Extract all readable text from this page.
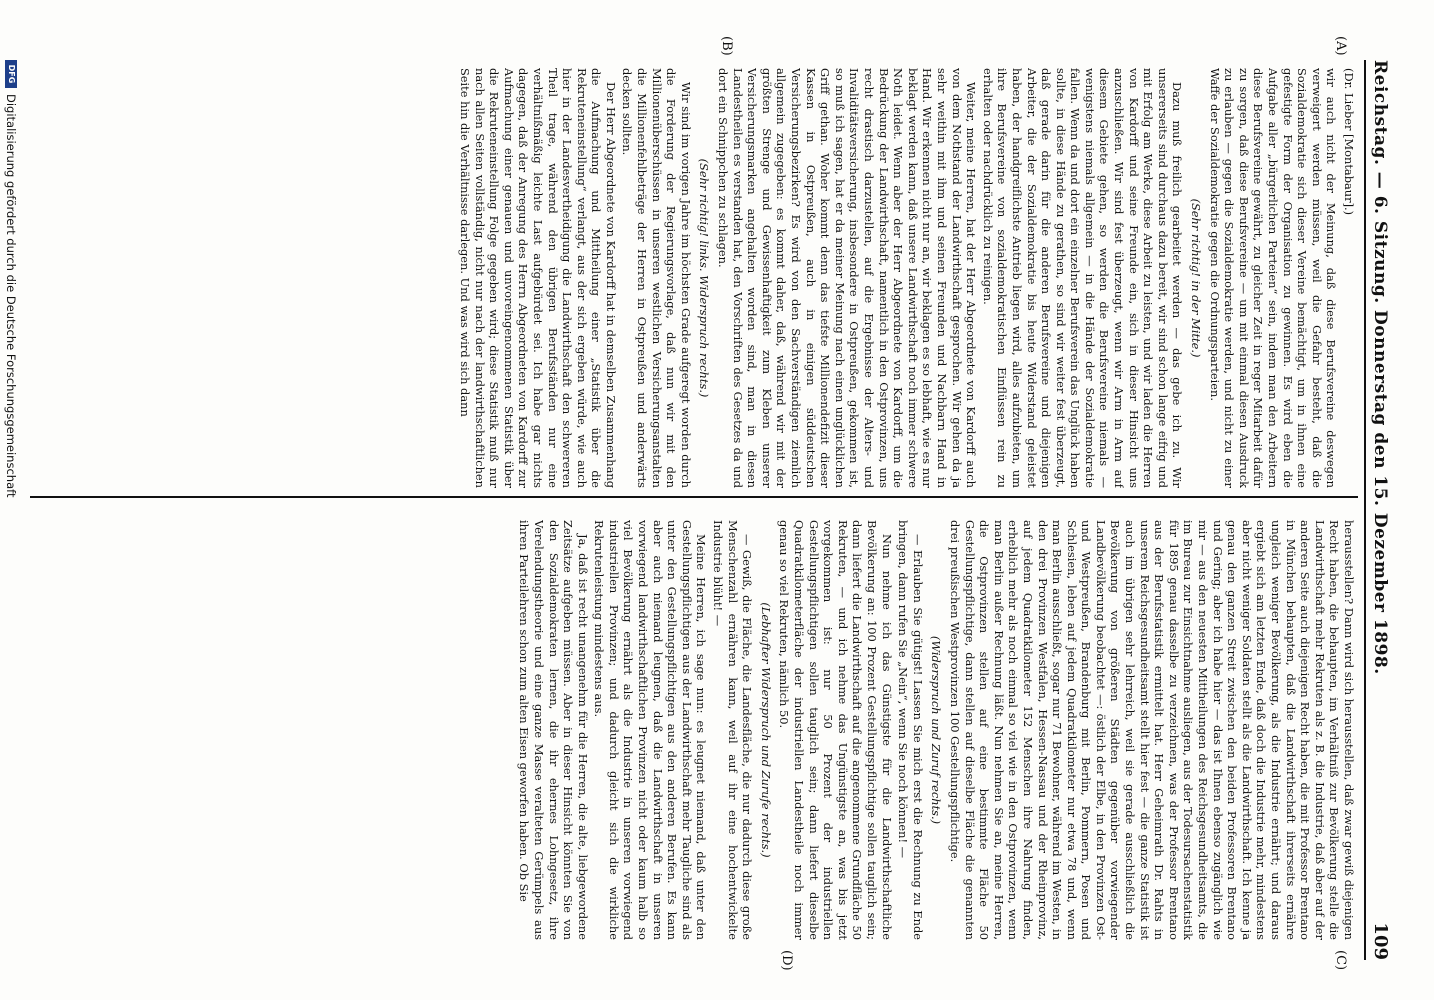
Reichstag. — 6. Sitzung. Donnerstag den 15. Dezember 1898.
109
(A)
(B)
(C)
(D)

(Dr. Lieber [Montabaur].)

wir auch nicht der Meinung, daß diese Berufsvereine deswegen verweigert werden müssen, weil die Gefahr besteht, daß die Sozialdemokratie sich dieser Vereine bemächtigt, um in ihnen eine gefestigte Form der Organisation zu gewinnen. Es wird eben die Aufgabe aller „bürgerlichen Parteien“ sein, indem man den Arbeitern diese Berufsvereine gewährt, zu gleicher Zeit in reger Mitarbeit dafür zu sorgen, daß diese Berufsvereine — um mit einmal diesen Ausdruck zu erlauben — gegen die Sozialdemokratie werden, und nicht zu einer Waffe der Sozialdemokratie gegen die Ordnungsparteien.

(Sehr richtig! in der Mitte.)

Dazu muß freilich gearbeitet werden — das gebe ich zu. Wir unsererseits sind durchaus dazu bereit, wir sind schon lange eifrig und mit Erfolg am Werke, diese Arbeit zu leisten, und wir laden die Herren von Kardorff und seine Freunde ein, sich in dieser Hinsicht uns anzuschließen. Wir sind fest überzeugt, wenn wir Arm in Arm auf diesem Gebiete gehen, so werden die Berufsvereine niemals — wenigstens niemals allgemein — in die Hände der Sozialdemokratie fallen. Wenn da und dort ein einzelner Berufsverein das Unglück haben sollte, in diese Hände zu gerathen, so sind wir weiter fest überzeugt, daß gerade darin für die anderen Berufsvereine und diejenigen Arbeiter, die der Sozialdemokratie bis heute Widerstand geleistet haben, der handgreiflichste Antrieb liegen wird, alles aufzubieten, um ihre Berufsvereine von sozialdemokratischen Einflüssen rein zu erhalten oder nachdrücklich zu reinigen.

Weiter, meine Herren, hat der Herr Abgeordnete von Kardorff auch von dem Nothstand der Landwirthschaft gesprochen. Wir gehen da ja sehr weithin mit ihm und seinen Freunden und Nachbarn Hand in Hand. Wir erkennen nicht nur an, wir beklagen es so lebhaft, wie es nur beklagt werden kann, daß unsere Landwirthschaft noch immer schwere Noth leidet. Wenn aber der Herr Abgeordnete von Kardorff, um die Bedrückung der Landwirthschaft, namentlich in den Ostprovinzen, uns recht drastisch darzustellen, auf die Ergebnisse der Alters- und Invaliditätsversicherung, insbesondere in Ostpreußen, gekommen ist, so muß ich sagen, hat er da meiner Meinung nach einen unglücklichen Griff gethan. Woher kommt denn das tiefste Millionendefizit dieser Kassen in Ostpreußen, auch in einigen süddeutschen Versicherungsbezirken? Es wird von den Sachverständigen ziemlich allgemein zugegeben: es kommt daher, daß, während wir mit der größten Strenge und Gewissenhaftigkeit zum Kleben unserer Versicherungsmarken angehalten worden sind, man in diesen Landestheilen es verstanden hat, den Vorschriften des Gesetzes da und dort ein Schnippchen zu schlagen.

(Sehr richtig! links. Widerspruch rechts.)

Wir sind im vorigen Jahre im höchsten Grade aufgeregt worden durch die Forderung der Regierungsvorlage, daß nun wir mit den Millionenüberschüssen in unseren westlichen Versicherungsanstalten die Millionenfehlbeträge der Herren in Ostpreußen und anderwärts decken sollten.

Der Herr Abgeordnete von Kardorff hat in demselben Zusammenhang die Aufmachung und Mittheilung einer „Statistik über die Rekruteneinstellung“ verlangt, aus der sich ergeben würde, wie auch hier in der Landesvertheidigung die Landwirthschaft den schwereren Theil trage, während den übrigen Berufsständen nur eine verhältnißmäßig leichte Last aufgebürdet sei. Ich habe gar nichts dagegen, daß der Anregung des Herrn Abgeordneten von Kardorff zur Aufmachung einer genauen und unvoreingenommenen Statistik über die Rekruteneinstellung Folge gegeben wird; diese Statistik muß nur nach allen Seiten vollständig, nicht nur nach der landwirthschaftlichen Seite hin die Verhältnisse darlegen. Und was wird sich dann

herausstellen? Dann wird sich herausstellen, daß zwar gewiß diejenigen Recht haben, die behaupten, im Verhältniß zur Bevölkerung stelle die Landwirthschaft mehr Rekruten als z. B. die Industrie, daß aber auf der anderen Seite auch diejenigen Recht haben, die mit Professor Brentano in München behaupten, daß die Landwirthschaft ihrerseits ernähre ungleich weniger Bevölkerung, als die Industrie ernährt; und daraus ergiebt sich am letzten Ende, daß doch die Industrie mehr, mindestens aber nicht weniger Soldaten stellt als die Landwirthschaft. Ich kenne ja genau den ganzen Streit zwischen den beiden Professoren Brentano und Gering; aber ich habe hier — das ist Ihnen ebenso zugänglich wie mir — aus den neuesten Mittheilungen des Reichsgesundheitsamts, die im Bureau zur Einsichtnahme ausliegen, aus der Todesursachenstatistik für 1895 genau dasselbe zu verzeichnen, was der Professor Brentano aus der Berufsstatistik ermittelt hat. Herr Geheimrath Dr. Rahts in unserem Reichsgesundheitsamt stellt hier fest — die ganze Statistik ist auch im übrigen sehr lehrreich, weil sie gerade ausschließlich die Bevölkerung von größeren Städten gegenüber vorwiegender Landbevölkerung beobachtet —: östlich der Elbe, in den Provinzen Ost- und Westpreußen, Brandenburg mit Berlin, Pommern, Posen und Schlesien, leben auf jedem Quadratkilometer nur etwa 78 und, wenn man Berlin ausschließt, sogar nur 71 Bewohner, während im Westen, in den drei Provinzen Westfalen, Hessen-Nassau und der Rheinprovinz, auf jedem Quadratkilometer 152 Menschen ihre Nahrung finden, erheblich mehr als noch einmal so viel wie in den Ostprovinzen, wenn man Berlin außer Rechnung läßt. Nun nehmen Sie an, meine Herren, die Ostprovinzen stellen auf eine bestimmte Fläche 50 Gestellungspflichtige, dann stellen auf dieselbe Fläche die genannten drei preußischen Westprovinzen 100 Gestellungspflichtige.

(Widerspruch und Zuruf rechts.)

— Erlauben Sie gütigst! Lassen Sie mich erst die Rechnung zu Ende bringen, dann rufen Sie „Nein“, wenn Sie noch können! —

Nun nehme ich das Günstigste für die Landwirthschaftliche Bevölkerung an: 100 Prozent Gestellungspflichtige sollen tauglich sein; dann liefert die Landwirthschaft auf die angenommene Grundfläche 50 Rekruten, — und ich nehme das Ungünstigste an, was bis jetzt vorgekommen ist: nur 50 Prozent der industriellen Gestellungspflichtigen sollen tauglich sein; dann liefert dieselbe Quadratkilometerfläche der industriellen Landestheile noch immer genau so viel Rekruten, nämlich 50.

(Lebhafter Widerspruch und Zurufe rechts.)

— Gewiß, die Fläche, die Landesfläche, die nur dadurch diese große Menschenzahl ernähren kann, weil auf ihr eine hochentwickelte Industrie blüht! —

Meine Herren, ich sage nun: es leugnet niemand, daß unter den Gestellungspflichtigen aus der Landwirthschaft mehr Taugliche sind als unter den Gestellungspflichtigen aus den anderen Berufen. Es kann aber auch niemand leugnen, daß die Landwirthschaft in unseren vorwiegend landwirthschaftlichen Provinzen nicht oder kaum halb so viel Bevölkerung ernährt als die Industrie in unseren vorwiegend industriellen Provinzen; und dadurch gleicht sich die wirkliche Rekrutenleistung mindestens aus.

Ja, daß ist recht unangenehm für die Herren, die alte, liebgewordene Zeitsätze aufgeben müssen. Aber in dieser Hinsicht könnten Sie von den Sozialdemokraten lernen, die ihr ehernes Lohngesetz, ihre Verelendungstheorie und eine ganze Masse veralteten Gerümpels aus ihren Parteilehren schon zum alten Eisen geworfen haben. Ob Sie

DFG
Digitalisierung gefördert durch die Deutsche Forschungsgemeinschaft
